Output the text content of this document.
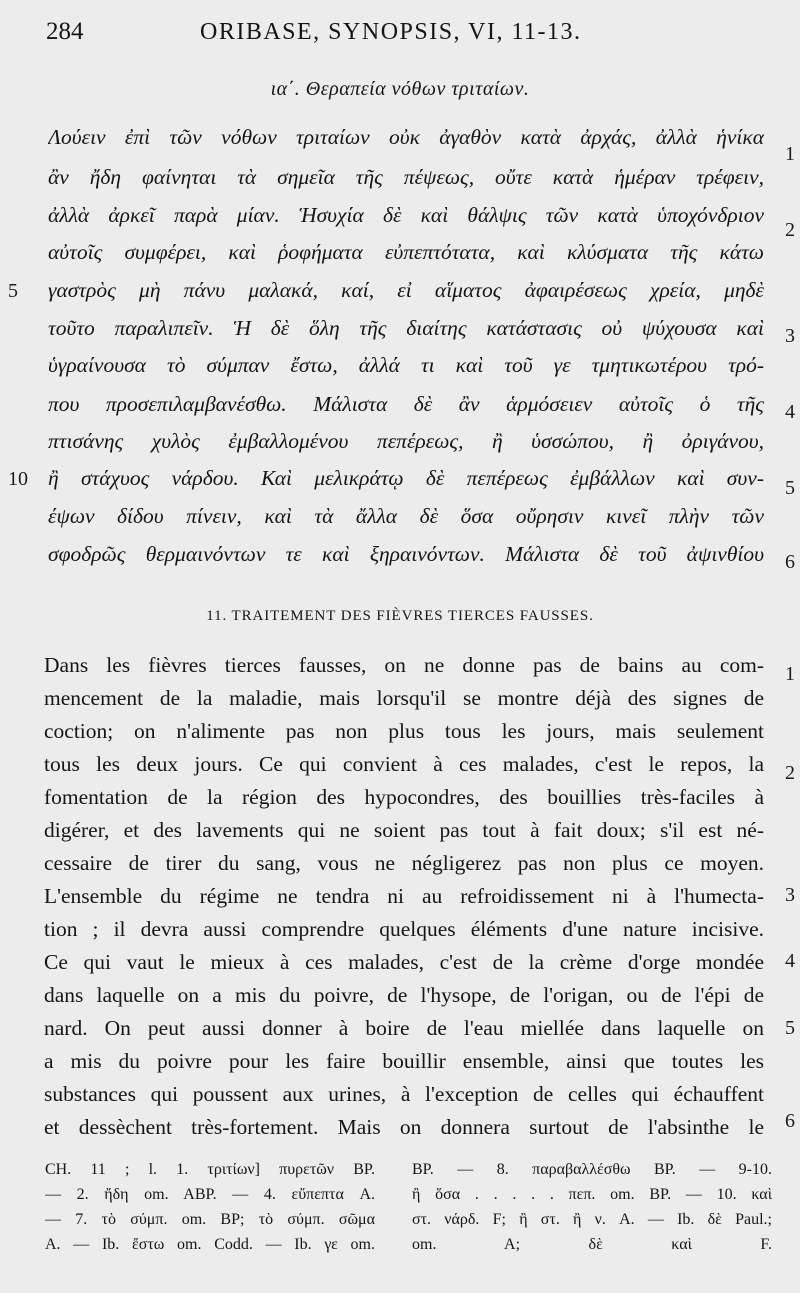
284	ORIBASE, SYNOPSIS, VI, 11-13.
ια΄. Θεραπεία νόθων τριταίων.
Λούειν ἐπὶ τῶν νόθων τριταίων οὐκ ἀγαθὸν κατὰ ἀρχάς, ἀλλὰ ἡνίκα
ἂν ἤδη φαίνηται τὰ σημεῖα τῆς πέψεως, οὔτε κατὰ ἡμέραν τρέφειν,
ἀλλὰ ἀρκεῖ παρὰ μίαν. Ἡσυχία δὲ καὶ θάλψις τῶν κατὰ ὑποχόνδριον
αὐτοῖς συμφέρει, καὶ ῥοφήματα εὐπεπτότατα, καὶ κλύσματα τῆς κάτω
γαστρὸς μὴ πάνυ μαλακά, καί, εἰ αἵματος ἀφαιρέσεως χρεία, μηδὲ
τοῦτο παραλιπεῖν. Ἡ δὲ ὅλη τῆς διαίτης κατάστασις οὐ ψύχουσα καὶ
ὑγραίνουσα τὸ σύμπαν ἔστω, ἀλλά τι καὶ τοῦ γε τμητικωτέρου τρό-
που προσεπιλαμβανέσθω. Μάλιστα δὲ ἂν ἁρμόσειεν αὐτοῖς ὁ τῆς
πτισάνης χυλὸς ἐμβαλλομένου πεπέρεως, ἢ ὑσσώπου, ἢ ὀριγάνου,
ἢ στάχυος νάρδου. Καὶ μελικράτῳ δὲ πεπέρεως ἐμβάλλων καὶ συν-
έψων δίδου πίνειν, καὶ τὰ ἄλλα δὲ ὅσα οὔρησιν κινεῖ πλὴν τῶν
σφοδρῶς θερμαινόντων τε καὶ ξηραινόντων. Μάλιστα δὲ τοῦ ἀψινθίου
5
10
1
2
3
4
5
6
11. TRAITEMENT DES FIÈVRES TIERCES FAUSSES.
Dans les fièvres tierces fausses, on ne donne pas de bains au com-
mencement de la maladie, mais lorsqu'il se montre déjà des signes de
coction; on n'alimente pas non plus tous les jours, mais seulement
tous les deux jours. Ce qui convient à ces malades, c'est le repos, la
fomentation de la région des hypocondres, des bouillies très-faciles à
digérer, et des lavements qui ne soient pas tout à fait doux; s'il est né-
cessaire de tirer du sang, vous ne négligerez pas non plus ce moyen.
L'ensemble du régime ne tendra ni au refroidissement ni à l'humecta-
tion ; il devra aussi comprendre quelques éléments d'une nature incisive.
Ce qui vaut le mieux à ces malades, c'est de la crème d'orge mondée
dans laquelle on a mis du poivre, de l'hysope, de l'origan, ou de l'épi de
nard. On peut aussi donner à boire de l'eau miellée dans laquelle on
a mis du poivre pour les faire bouillir ensemble, ainsi que toutes les
substances qui poussent aux urines, à l'exception de celles qui échauffent
et dessèchent très-fortement. Mais on donnera surtout de l'absinthe le
1
2
3
4
5
6
CH. 11 ; l. 1. τριτίων] πυρετῶν BP.
— 2. ἤδη om. ABP. — 4. εὔπεπτα A.
— 7. τὸ σύμπ. om. BP; τὸ σύμπ. σῶμα
A. — Ib. ἔστω om. Codd. — Ib. γε om.
BP. — 8. παραβαλλέσθω BP. — 9-10.
ἢ ὅσα . . . . . πεπ. om. BP. — 10. καὶ
στ. νάρδ. F; ἢ στ. ἢ ν. A. — Ib. δὲ Paul.;
om. A; δὲ καὶ F.
